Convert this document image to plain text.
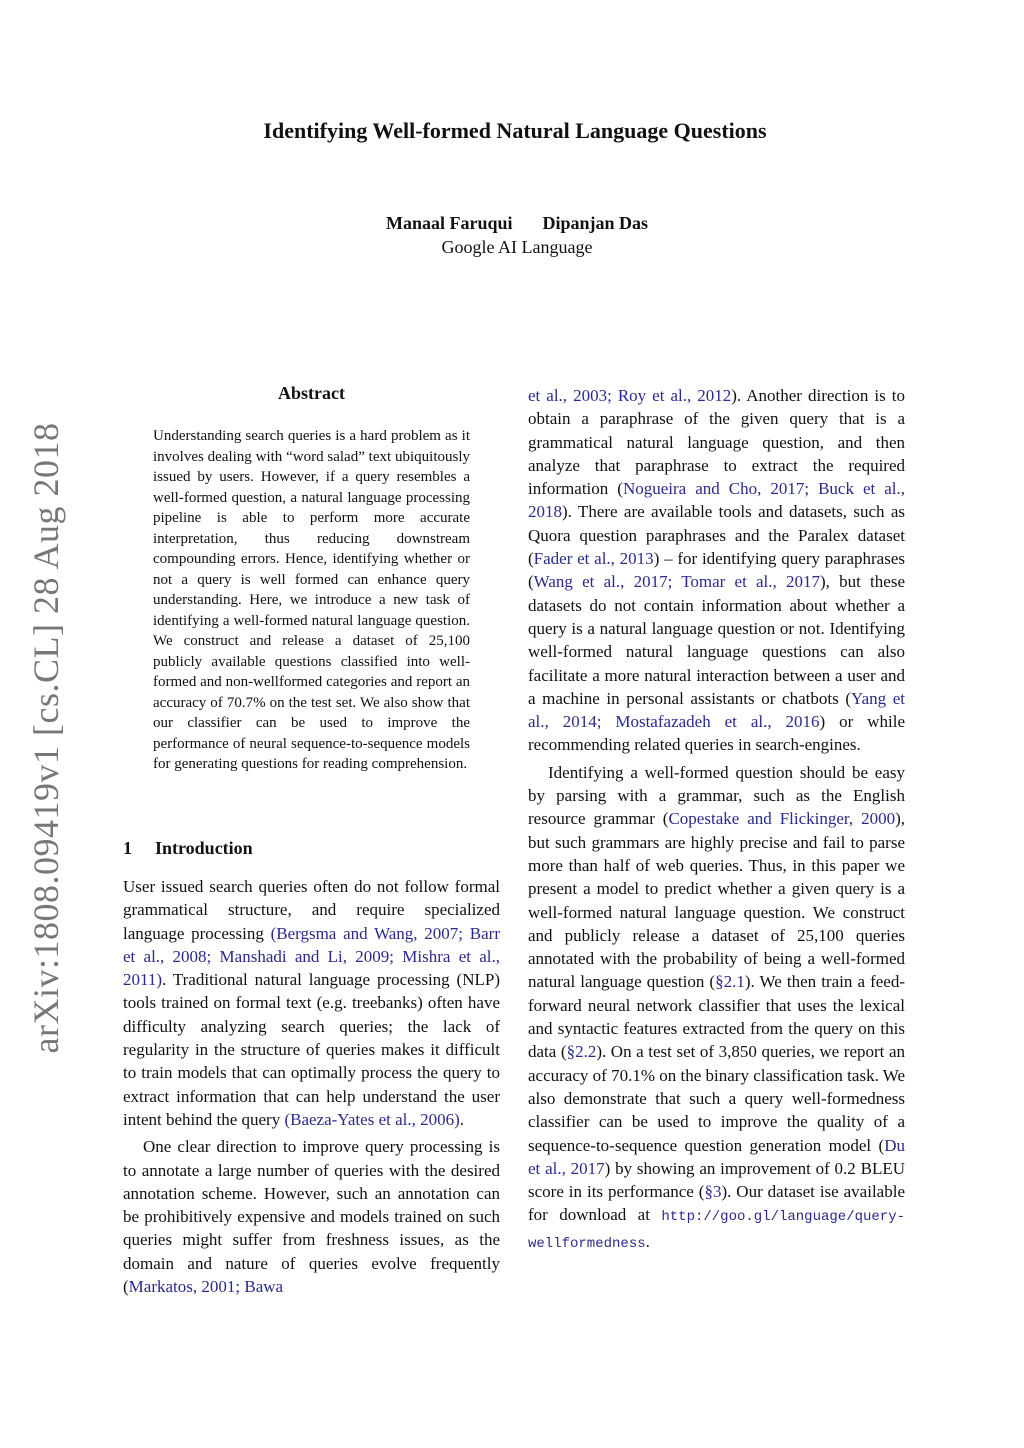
arXiv:1808.09419v1 [cs.CL] 28 Aug 2018
Identifying Well-formed Natural Language Questions
Manaal Faruqui Dipanjan Das
Google AI Language
Abstract
Understanding search queries is a hard problem as it involves dealing with “word salad” text ubiquitously issued by users. However, if a query resembles a well-formed question, a natural language processing pipeline is able to perform more accurate interpretation, thus reducing downstream compounding errors. Hence, identifying whether or not a query is well formed can enhance query understanding. Here, we introduce a new task of identifying a well-formed natural language question. We construct and release a dataset of 25,100 publicly available questions classified into well-formed and non-wellformed categories and report an accuracy of 70.7% on the test set. We also show that our classifier can be used to improve the performance of neural sequence-to-sequence models for generating questions for reading comprehension.
1 Introduction

User issued search queries often do not follow formal grammatical structure, and require specialized language processing (Bergsma and Wang, 2007; Barr et al., 2008; Manshadi and Li, 2009; Mishra et al., 2011). Traditional natural language processing (NLP) tools trained on formal text (e.g. treebanks) often have difficulty analyzing search queries; the lack of regularity in the structure of queries makes it difficult to train models that can optimally process the query to extract information that can help understand the user intent behind the query (Baeza-Yates et al., 2006).

One clear direction to improve query processing is to annotate a large number of queries with the desired annotation scheme. However, such an annotation can be prohibitively expensive and models trained on such queries might suffer from freshness issues, as the domain and nature of queries evolve frequently (Markatos, 2001; Bawa

et al., 2003; Roy et al., 2012). Another direction is to obtain a paraphrase of the given query that is a grammatical natural language question, and then analyze that paraphrase to extract the required information (Nogueira and Cho, 2017; Buck et al., 2018). There are available tools and datasets, such as Quora question paraphrases and the Paralex dataset (Fader et al., 2013) – for identifying query paraphrases (Wang et al., 2017; Tomar et al., 2017), but these datasets do not contain information about whether a query is a natural language question or not. Identifying well-formed natural language questions can also facilitate a more natural interaction between a user and a machine in personal assistants or chatbots (Yang et al., 2014; Mostafazadeh et al., 2016) or while recommending related queries in search-engines.

Identifying a well-formed question should be easy by parsing with a grammar, such as the English resource grammar (Copestake and Flickinger, 2000), but such grammars are highly precise and fail to parse more than half of web queries. Thus, in this paper we present a model to predict whether a given query is a well-formed natural language question. We construct and publicly release a dataset of 25,100 queries annotated with the probability of being a well-formed natural language question (§2.1). We then train a feed-forward neural network classifier that uses the lexical and syntactic features extracted from the query on this data (§2.2). On a test set of 3,850 queries, we report an accuracy of 70.1% on the binary classification task. We also demonstrate that such a query well-formedness classifier can be used to improve the quality of a sequence-to-sequence question generation model (Du et al., 2017) by showing an improvement of 0.2 BLEU score in its performance (§3). Our dataset ise available for download at http://goo.gl/language/query-wellformedness.
